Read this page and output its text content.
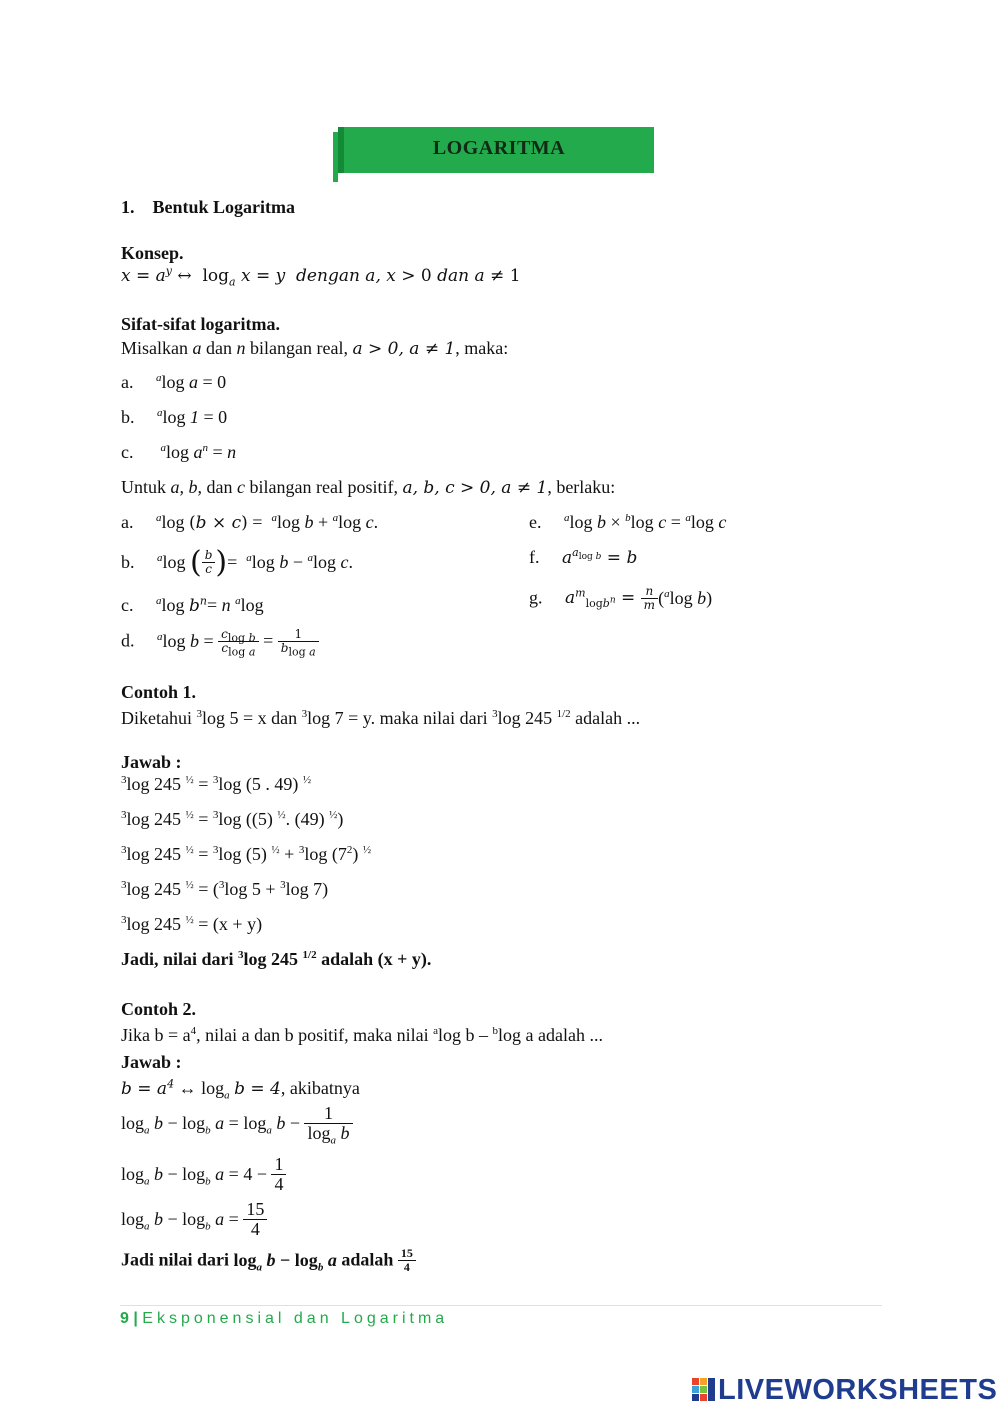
LOGARITMA
1. Bentuk Logaritma
Konsep.
$x = a^y$ ↔  $\log_a x = y$  dengan a, x > 0 dan a ≠ 1
Sifat-sifat logaritma.
Misalkan a dan n bilangan real, a > 0, a ≠ 1, maka:
a. $^a$log a = 0
b. $^a$log 1 = 0
c. $^a$log $a^n = n$
Untuk a, b, dan c bilangan real positif, a, b, c > 0, a ≠ 1, berlaku:
a. $^a$log (b × c) =  $^a$log b + $^a$log c.
b. $^a$log ( $\frac{b}{c}$ )=  $^a$log b − $^a$log c.
c. $^a$log $b^n= n$ $^a$log
d. $^a$log $b = \frac{c_{log b}}{c_{log a}} = \frac{1}{b_{log a}}$
e. $^a$log b × $^b$log c = $^a$log c
f. $a^{a_{log b}} = b$
g. $a^m_{logb^n} = \frac{n}{m} (^a\log$ b)
Contoh 1.
Diketahui $^3$log 5 = x dan $^3$log 7 = y. maka nilai dari $^3$log 245 $^{1/2}$ adalah ...
Jawab :
$^3$log 245 $^{\frac{1}{2}}$ = $^3$log (5 . 49) $^{\frac{1}{2}}$
$^3$log 245 $^{\frac{1}{2}}$ = $^3$log ((5) $^{\frac{1}{2}}$. (49) $^{\frac{1}{2}}$)
$^3$log 245 $^{\frac{1}{2}}$ = $^3$log (5) $^{\frac{1}{2}}$ + $^3$log $(7^2)$ $^{\frac{1}{2}}$
$^3$log 245 $^{\frac{1}{2}}$ = ($^3$log 5 + $^3$log 7)
$^3$log 245 $^{\frac{1}{2}}$ = (x + y)
Jadi, nilai dari $^3$log 245 $^{1/2}$ adalah (x + y).
Contoh 2.
Jika $b = a^4$, nilai a dan b positif, maka nilai $^a$log b – $^b$log a adalah ...
Jawab :
$b = a^4$ ↔ $\log_a b = 4$, akibatnya
$\log_a b - \log_b a = \log_a b - \frac{1}{\log_a b}$
$\log_a b - \log_b a = 4 - \frac{1}{4}$
$\log_a b - \log_b a = \frac{15}{4}$
Jadi nilai dari $\log_a b - \log_b a$ adalah $\frac{15}{4}$
9 | Eksponensial dan Logaritma
LIVEWORKSHEETS
